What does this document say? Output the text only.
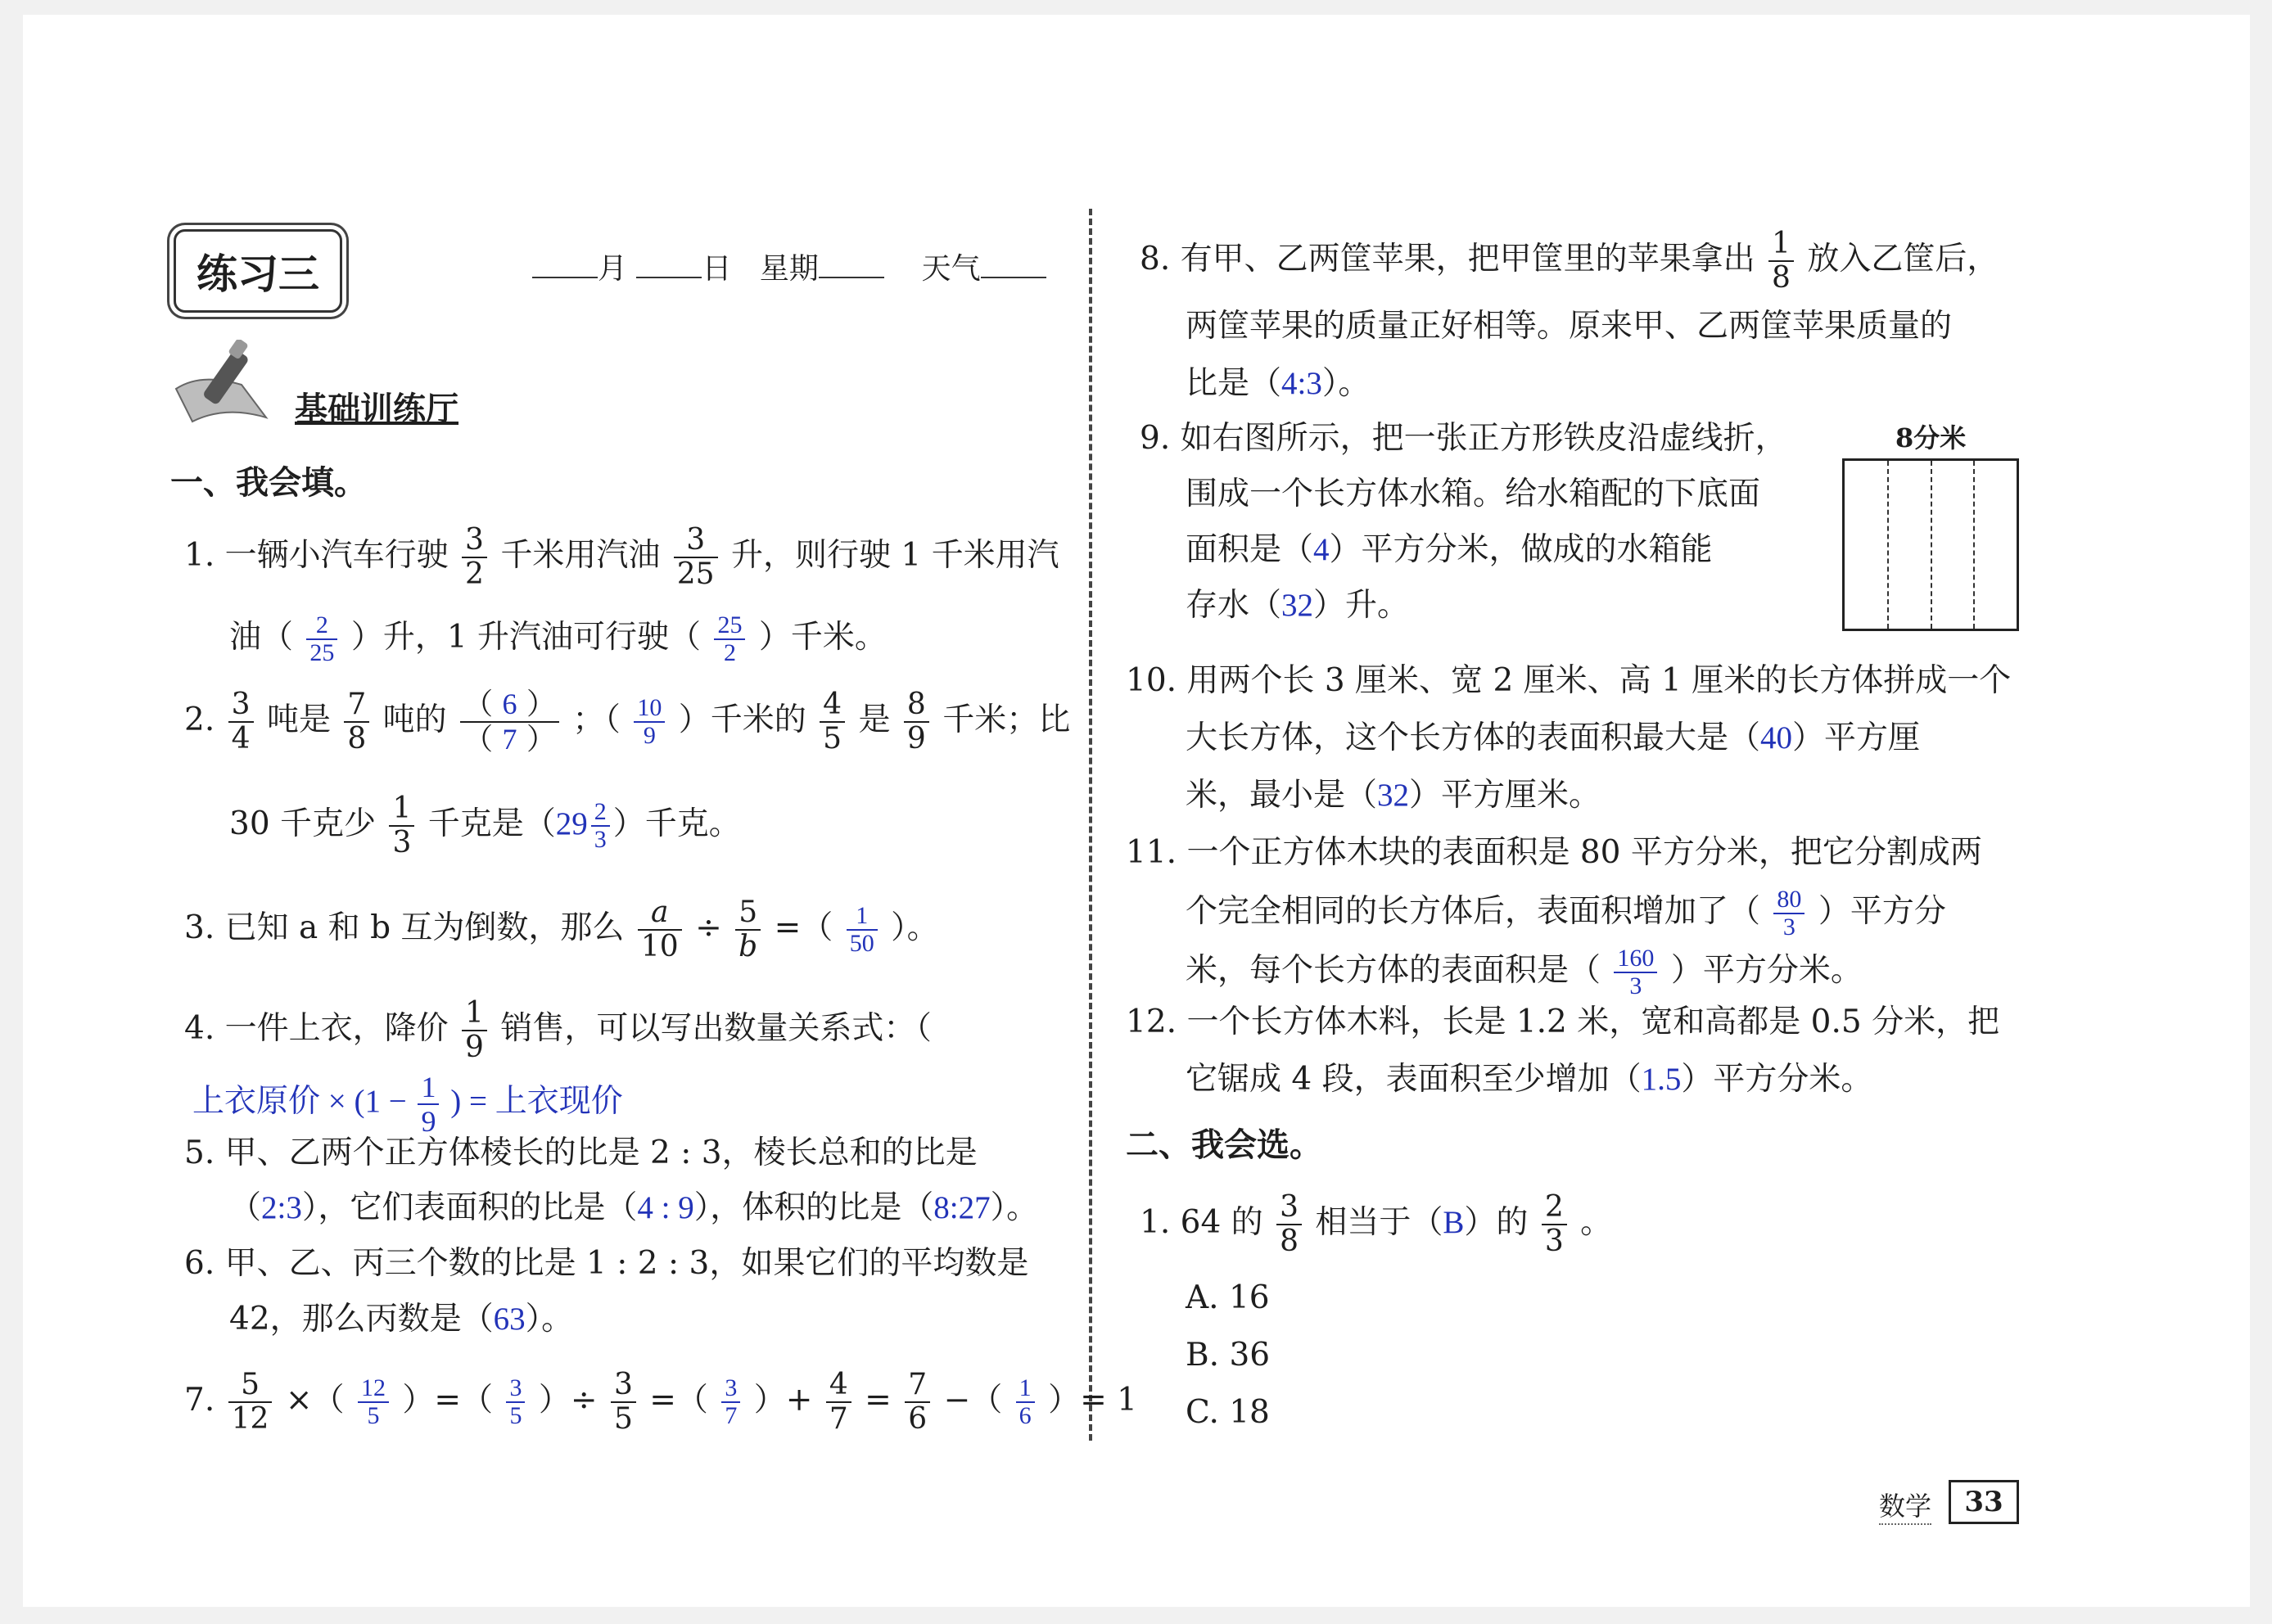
练习三	月	日 星期	天气
基础训练厅
一、我会填。
1. 一辆小汽车行驶 $\frac{3}{2}$ 千米用汽油 $\frac{3}{25}$ 升，则行驶 1 千米用汽
油（ $\frac{2}{25}$ ）升，1 升汽油可行驶（ $\frac{25}{2}$ ）千米。
2. $\frac{3}{4}$ 吨是 $\frac{7}{8}$ 吨的 $\frac{( 6 )}{( 7 )}$ ；（ $\frac{10}{9}$ ）千米的 $\frac{4}{5}$ 是 $\frac{8}{9}$ 千米；比
30 千克少 $\frac{1}{3}$ 千克是（$29 \frac{2}{3}$ ）千克。
3. 已知 a 和 b 互为倒数，那么 $\frac{a}{10} \div \frac{5}{b}$ =（ $\frac{1}{50}$ ）。
4. 一件上衣，降价 $\frac{1}{9}$ 销售，可以写出数量关系式：（
上衣原价 × ($1 - \frac{1}{9}$ ) = 上衣现价
5. 甲、乙两个正方体棱长的比是 2 : 3，棱长总和的比是
（2:3），它们表面积的比是（4 : 9），体积的比是（8:27）。
6. 甲、乙、丙三个数的比是 1 : 2 : 3，如果它们的平均数是
42，那么丙数是（63）。
7. $\frac{5}{12}$ ×（ $\frac{12}{5}$ ）=（ $\frac{3}{5}$ ）÷ $\frac{3}{5}$ =（ $\frac{3}{7}$ ）+ $\frac{4}{7} = \frac{7}{6}$ −（ $\frac{1}{6}$ ）= 1
8. 有甲、乙两筐苹果，把甲筐里的苹果拿出 $\frac{1}{8}$ 放入乙筐后，
两筐苹果的质量正好相等。原来甲、乙两筐苹果质量的
比是（4:3）。
9. 如右图所示，把一张正方形铁皮沿虚线折，
围成一个长方体水箱。给水箱配的下底面
面积是（4）平方分米，做成的水箱能
存水（32）升。
8分米
10. 用两个长 3 厘米、宽 2 厘米、高 1 厘米的长方体拼成一个
大长方体，这个长方体的表面积最大是（40）平方厘
米，最小是（32）平方厘米。
11. 一个正方体木块的表面积是 80 平方分米，把它分割成两
个完全相同的长方体后，表面积增加了（ $\frac{80}{3}$ ）平方分
米，每个长方体的表面积是（ $\frac{160}{3}$ ）平方分米。
12. 一个长方体木料，长是 1.2 米，宽和高都是 0.5 分米，把
它锯成 4 段，表面积至少增加（1.5）平方分米。
二、我会选。
1. 64 的 $\frac{3}{8}$ 相当于（B）的 $\frac{2}{3}$ 。
A. 16
B. 36
C. 18
数学	33
